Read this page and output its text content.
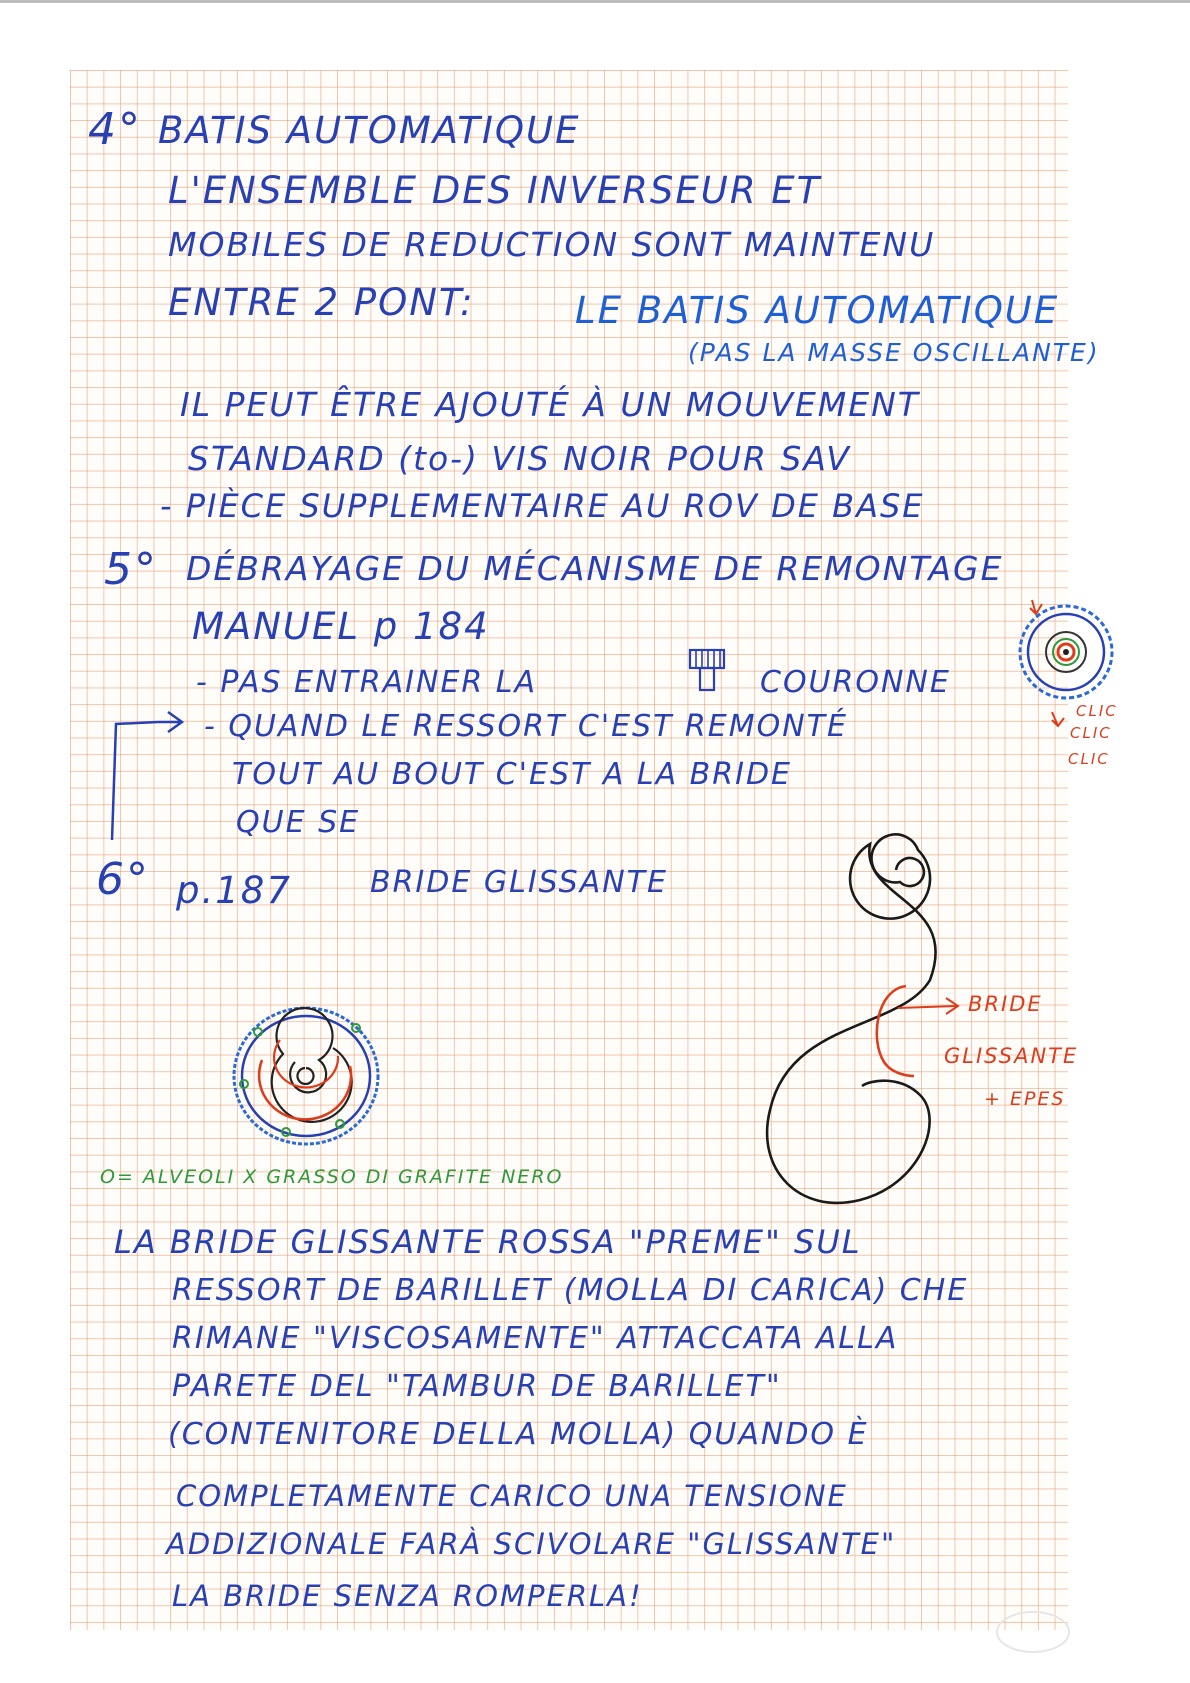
4° BATIS AUTOMATIQUE
L'ENSEMBLE DES INVERSEUR ET
MOBILES DE REDUCTION SONT MAINTENU
ENTRE 2 PONT:	LE BATIS AUTOMATIQUE
(PAS LA MASSE OSCILLANTE)
IL PEUT ÊTRE AJOUTÉ À UN MOUVEMENT
STANDARD (to-) VIS NOIR POUR SAV
- PIÈCE SUPPLEMENTAIRE AU ROV DE BASE
5° DÉBRAYAGE DU MÉCANISME DE REMONTAGE
MANUEL p 184
- PAS ENTRAINER LA	COURONNE
- QUAND LE RESSORT C'EST REMONTÉ
TOUT AU BOUT C'EST A LA BRIDE
QUE SE
CLIC
CLIC
CLIC
6° p.187	BRIDE GLISSANTE
BRIDE
GLISSANTE
+ EPES
O= ALVEOLI X GRASSO DI GRAFITE NERO
LA BRIDE GLISSANTE ROSSA "PREME" SUL
RESSORT DE BARILLET (MOLLA DI CARICA) CHE
RIMANE "VISCOSAMENTE" ATTACCATA ALLA
PARETE DEL "TAMBUR DE BARILLET"
(CONTENITORE DELLA MOLLA) QUANDO È
COMPLETAMENTE CARICO UNA TENSIONE
ADDIZIONALE FARÀ SCIVOLARE "GLISSANTE"
LA BRIDE SENZA ROMPERLA!
